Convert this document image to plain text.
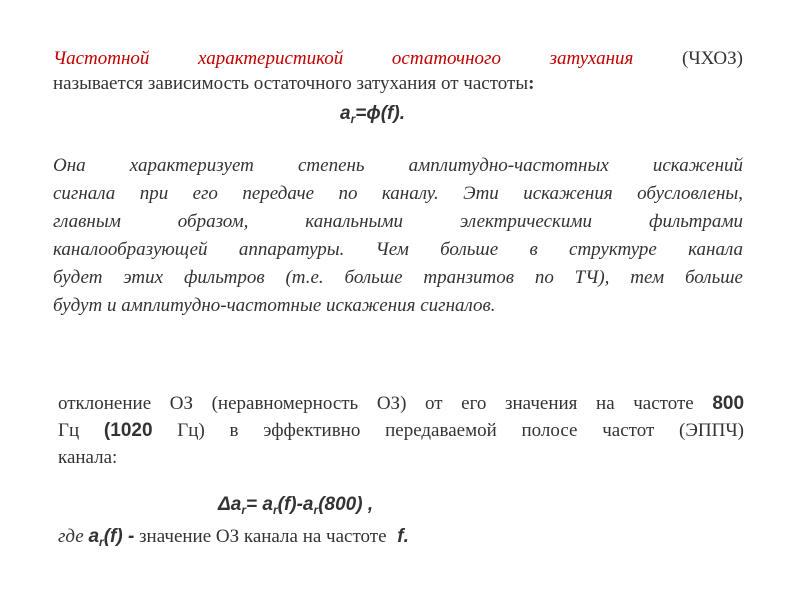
Частотной характеристикой остаточного затухания	(ЧХОЗ)
называется зависимость остаточного затухания от частоты:
$a_r=\phi(f)$.
Она характеризует степень амплитудно-частотных искажений
сигнала при его передаче по каналу. Эти искажения обусловлены,
главным образом, канальными электрическими фильтрами
каналообразующей аппаратуры. Чем больше в структуре канала
будет этих фильтров (т.е. больше транзитов по ТЧ), тем больше
будут и амплитудно-частотные искажения сигналов.
отклонение ОЗ (неравномерность ОЗ) от его значения на частоте 800
Гц (1020 Гц) в эффективно передаваемой полосе частот (ЭППЧ)
канала:
$\Delta a_r= a_r(f)-a_r(800)$ ,
где $a_r(f)$ - значение ОЗ канала на частоте f.
